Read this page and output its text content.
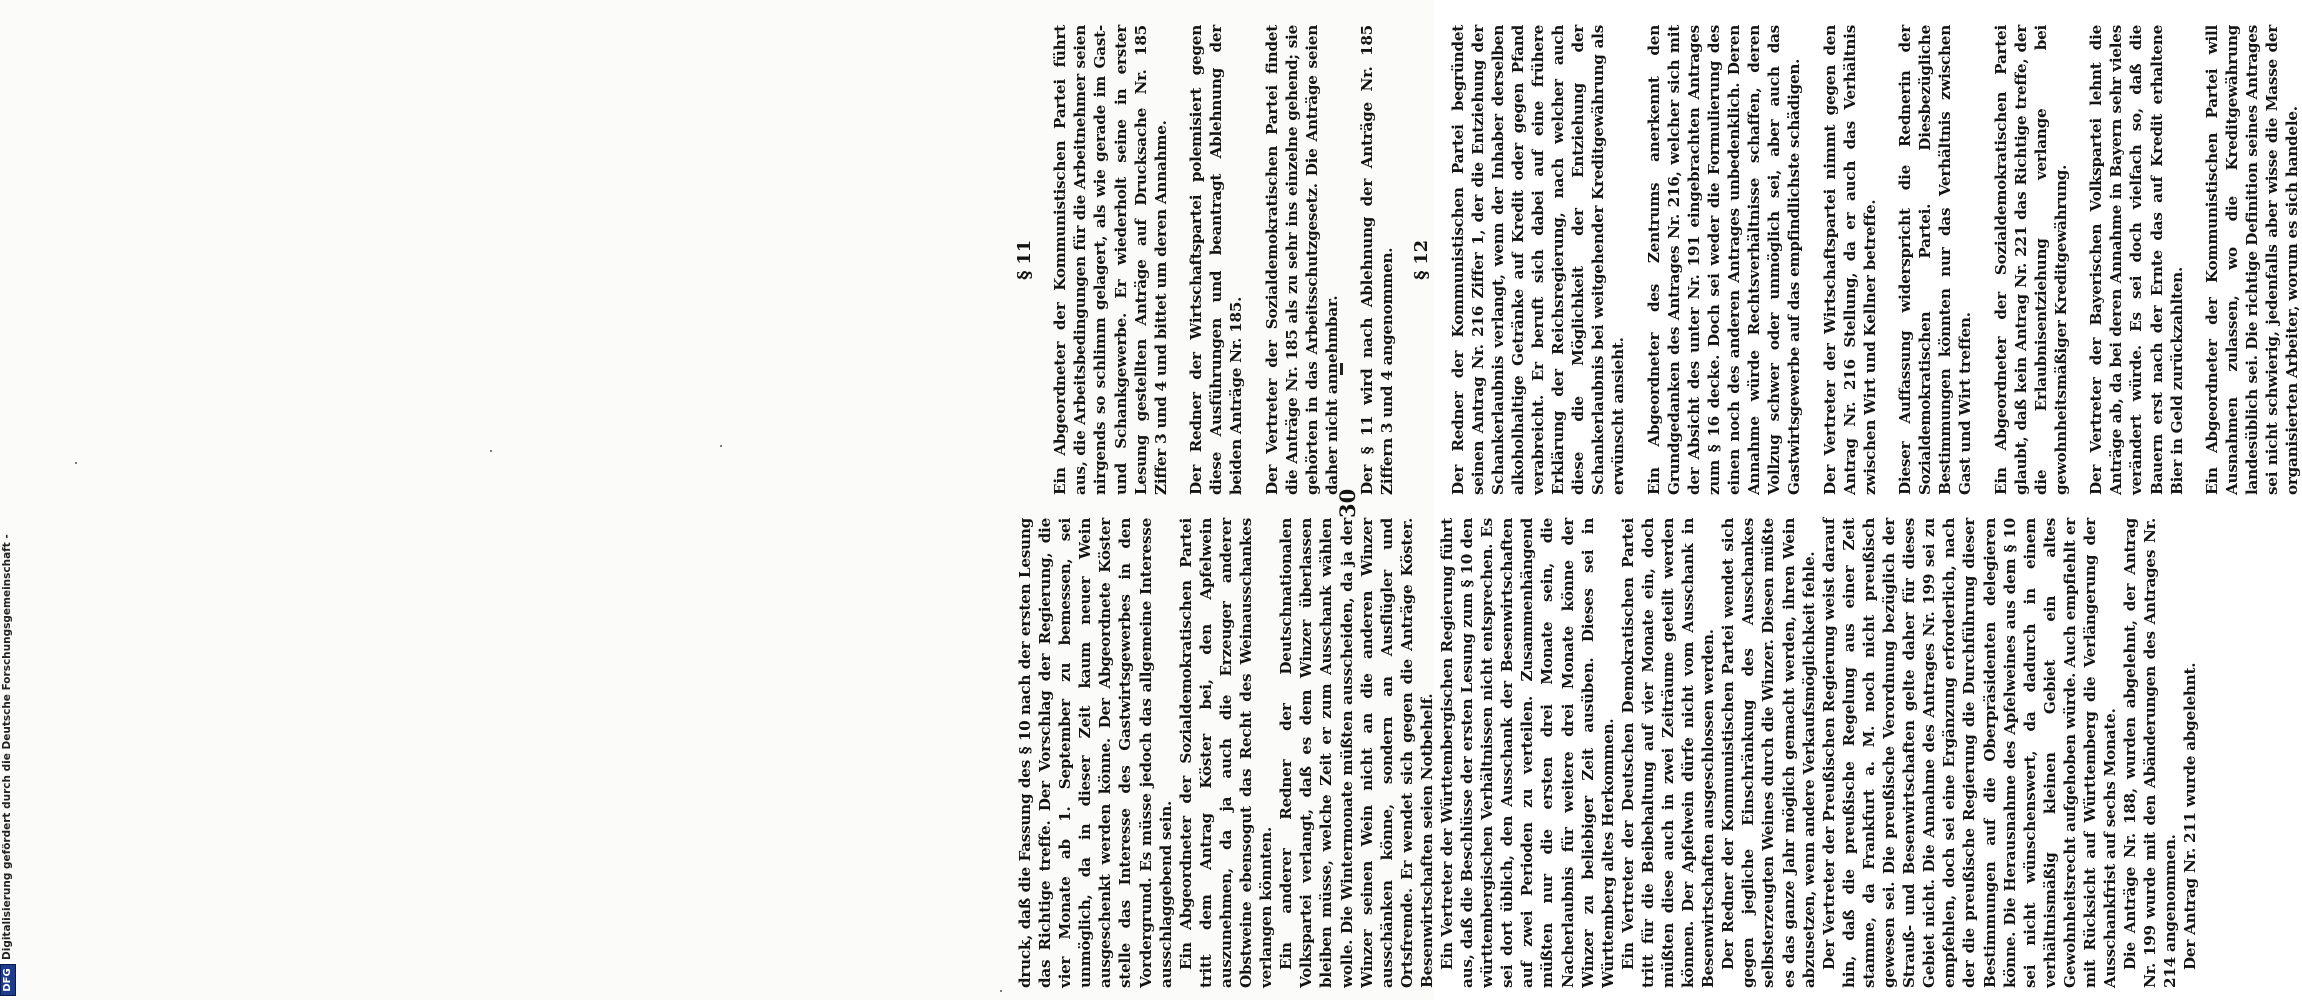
30

druck, daß die Fassung des § 10 nach der ersten Lesung das Richtige treffe. Der Vorschlag der Regierung, die vier Monate ab 1. September zu bemessen, sei unmöglich, da in dieser Zeit kaum neuer Wein ausgeschenkt werden könne. Der Abgeordnete Köster stelle das Interesse des Gastwirtsgewerbes in den Vordergrund. Es müsse jedoch das allgemeine Interesse ausschlaggebend sein. Ein Abgeordneter der Sozialdemokratischen Partei tritt dem Antrag Köster bei, den Apfelwein auszunehmen, da ja auch die Erzeuger anderer Obstweine ebensogut das Recht des Weinausschankes verlangen könnten. Ein anderer Redner der Deutschnationalen Volkspartei verlangt, daß es dem Winzer überlassen bleiben müsse, welche Zeit er zum Ausschank wählen wolle. Die Wintermonate müßten ausscheiden, da ja der Winzer seinen Wein nicht an die anderen Winzer ausschänken könne, sondern an Ausflügler und Ortsfremde. Er wendet sich gegen die Anträge Köster. Besenwirtschaften seien Notbehelf. Ein Vertreter der Württembergischen Regierung führt aus, daß die Beschlüsse der ersten Lesung zum § 10 den württembergischen Verhältnissen nicht entsprechen. Es sei dort üblich, den Ausschank der Besenwirtschaften auf zwei Perioden zu verteilen. Zusammenhängend müßten nur die ersten drei Monate sein, die Nacherlaubnis für weitere drei Monate könne der Winzer zu beliebiger Zeit ausüben. Dieses sei in Württemberg altes Herkommen. Ein Vertreter der Deutschen Demokratischen Partei tritt für die Beibehaltung auf vier Monate ein, doch müßten diese auch in zwei Zeiträume geteilt werden können. Der Apfelwein dürfe nicht vom Ausschank in Besenwirtschaften ausgeschlossen werden. Der Redner der Kommunistischen Partei wendet sich gegen jegliche Einschränkung des Ausschankes selbsterzeugten Weines durch die Winzer. Diesen müßte es das ganze Jahr möglich gemacht werden, ihren Wein abzusetzen, wenn andere Verkaufsmöglichkeit fehle. Der Vertreter der Preußischen Regierung weist darauf hin, daß die preußische Regelung aus einer Zeit stamme, da Frankfurt a. M. noch nicht preußisch gewesen sei. Die preußische Verordnung bezüglich der Strauß- und Besenwirtschaften gelte daher für dieses Gebiet nicht. Die Annahme des Antrages Nr. 199 sei zu empfehlen, doch sei eine Ergänzung erforderlich, nach der die preußische Regierung die Durchführung dieser Bestimmungen auf die Oberpräsidenten delegieren könne. Die Herausnahme des Apfelweines aus dem § 10 sei nicht wünschenswert, da dadurch in einem verhältnismäßig kleinen Gebiet ein altes Gewohnheitsrecht aufgehoben würde. Auch empfiehlt er mit Rücksicht auf Württemberg die Verlängerung der Ausschankfrist auf sechs Monate. Die Anträge Nr. 188, wurden abgelehnt, der Antrag Nr. 199 wurde mit den Abänderungen des Antrages Nr. 214 angenommen. Der Antrag Nr. 211 wurde abgelehnt.

§ 11 Ein Abgeordneter der Kommunistischen Partei führt aus, die Arbeitsbedingungen für die Arbeitnehmer seien nirgends so schlimm gelagert, als wie gerade im Gast- und Schankgewerbe. Er wiederholt seine in erster Lesung gestellten Anträge auf Drucksache Nr. 185 Ziffer 3 und 4 und bittet um deren Annahme. Der Redner der Wirtschaftspartei polemisiert gegen diese Ausführungen und beantragt Ablehnung der beiden Anträge Nr. 185. Der Vertreter der Sozialdemokratischen Partei findet die Anträge Nr. 185 als zu sehr ins einzelne gehend; sie gehörten in das Arbeitsschutzgesetz. Die Anträge seien daher nicht annehmbar. Der § 11 wird nach Ablehnung der Anträge Nr. 185 Ziffern 3 und 4 angenommen. § 12 Der Redner der Kommunistischen Partei begründet seinen Antrag Nr. 216 Ziffer 1, der die Entziehung der Schankerlaubnis verlangt, wenn der Inhaber derselben alkoholhaltige Getränke auf Kredit oder gegen Pfand verabreicht. Er beruft sich dabei auf eine frühere Erklärung der Reichsregierung, nach welcher auch diese die Möglichkeit der Entziehung der Schankerlaubnis bei weitgehender Kreditgewährung als erwünscht ansieht. Ein Abgeordneter des Zentrums anerkennt den Grundgedanken des Antrages Nr. 216, welcher sich mit der Absicht des unter Nr. 191 eingebrachten Antrages zum § 16 decke. Doch sei weder die Formulierung des einen noch des anderen Antrages unbedenklich. Deren Annahme würde Rechtsverhältnisse schaffen, deren Vollzug schwer oder unmöglich sei, aber auch das Gastwirtsgewerbe auf das empfindlichste schädigen. Der Vertreter der Wirtschaftspartei nimmt gegen den Antrag Nr. 216 Stellung, da er auch das Verhältnis zwischen Wirt und Kellner betreffe. Dieser Auffassung widerspricht die Rednerin der Sozialdemokratischen Partei. Diesbezügliche Bestimmungen könnten nur das Verhältnis zwischen Gast und Wirt treffen. Ein Abgeordneter der Sozialdemokratischen Partei glaubt, daß kein Antrag Nr. 221 das Richtige treffe, der die Erlaubnisentziehung verlange bei gewohnheitsmäßiger Kreditgewährung. Der Vertreter der Bayerischen Volkspartei lehnt die Anträge ab, da bei deren Annahme in Bayern sehr vieles verändert würde. Es sei doch vielfach so, daß die Bauern erst nach der Ernte das auf Kredit erhaltene Bier in Geld zurückzahlten. Ein Abgeordneter der Kommunistischen Partei will Ausnahmen zulassen, wo die Kreditgewährung landesüblich sei. Die richtige Definition seines Antrages sei nicht schwierig, jedenfalls aber wisse die Masse der organisierten Arbeiter, worum es sich handele.

DFG
Digitalisierung gefördert durch die Deutsche Forschungsgemeinschaft -
